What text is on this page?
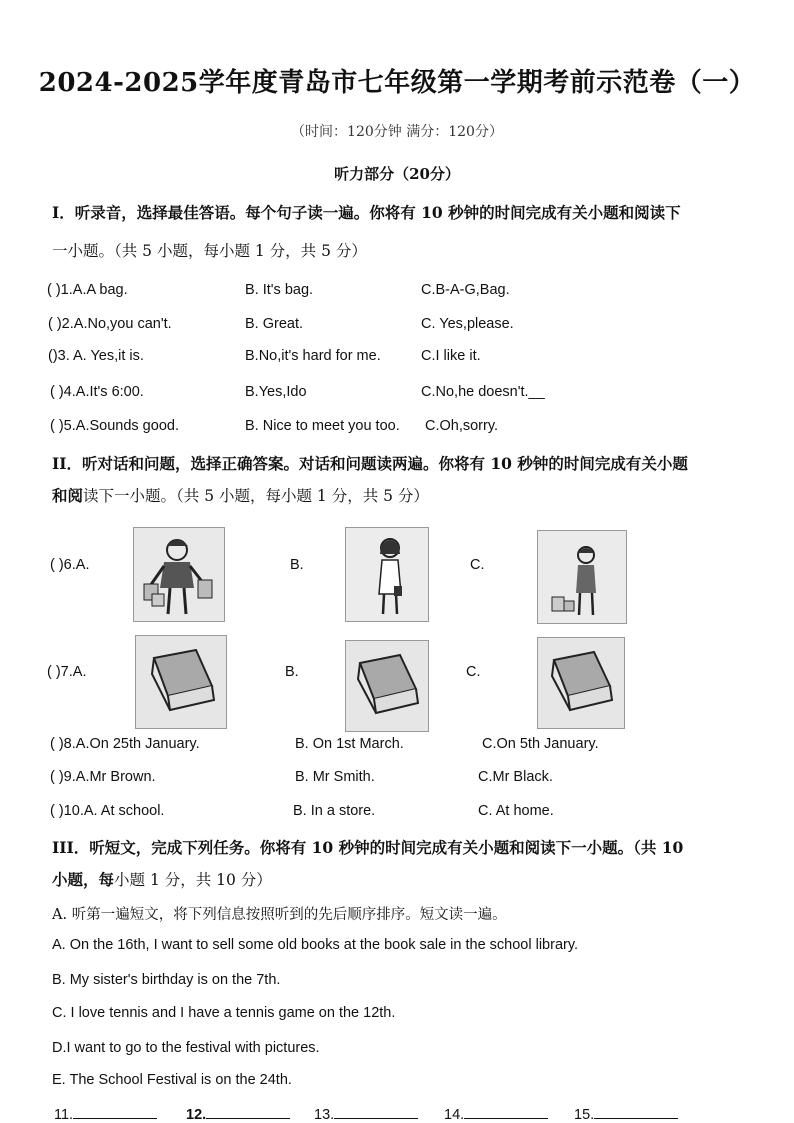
2024-2025学年度青岛市七年级第一学期考前示范卷（一）
（时间：120分钟 满分：120分）
听力部分（20分）
I．听录音，选择最佳答语。每个句子读一遍。你将有 10 秒钟的时间完成有关小题和阅读下
一小题。（共 5 小题，每小题 1 分，共 5 分）
( )1.A.A bag.	B. It's bag.	C.B-A-G,Bag.
( )2.A.No,you can't.	B. Great.	C. Yes,please.
()3. A. Yes,it is.	B.No,it's hard for me.	C.I like it.
( )4.A.It's 6:00.	B.Yes,Ido	C.No,he doesn't.__
( )5.A.Sounds good.	B. Nice to meet you too. C.Oh,sorry.
II．听对话和问题，选择正确答案。对话和问题读两遍。你将有 10 秒钟的时间完成有关小题
和阅读下一小题。（共 5 小题，每小题 1 分，共 5 分）
( )6.A.	B.	C.
( )7.A.	B.	C.
( )8.A.On 25th January.	B. On 1st March.	C.On 5th January.
( )9.A.Mr Brown.	B. Mr Smith.	C.Mr Black.
( )10.A. At school.	B. In a store.	C. At home.
III．听短文，完成下列任务。你将有 10 秒钟的时间完成有关小题和阅读下一小题。（共 10
小题，每小题 1 分，共 10 分）
A. 听第一遍短文，将下列信息按照听到的先后顺序排序。短文读一遍。
A. On the 16th, I want to sell some old books at the book sale in the school library.
B. My sister's birthday is on the 7th.
C. I love tennis and I have a tennis game on the 12th.
D.I want to go to the festival with pictures.
E. The School Festival is on the 24th.
11.	12.	13.	14.	15.
